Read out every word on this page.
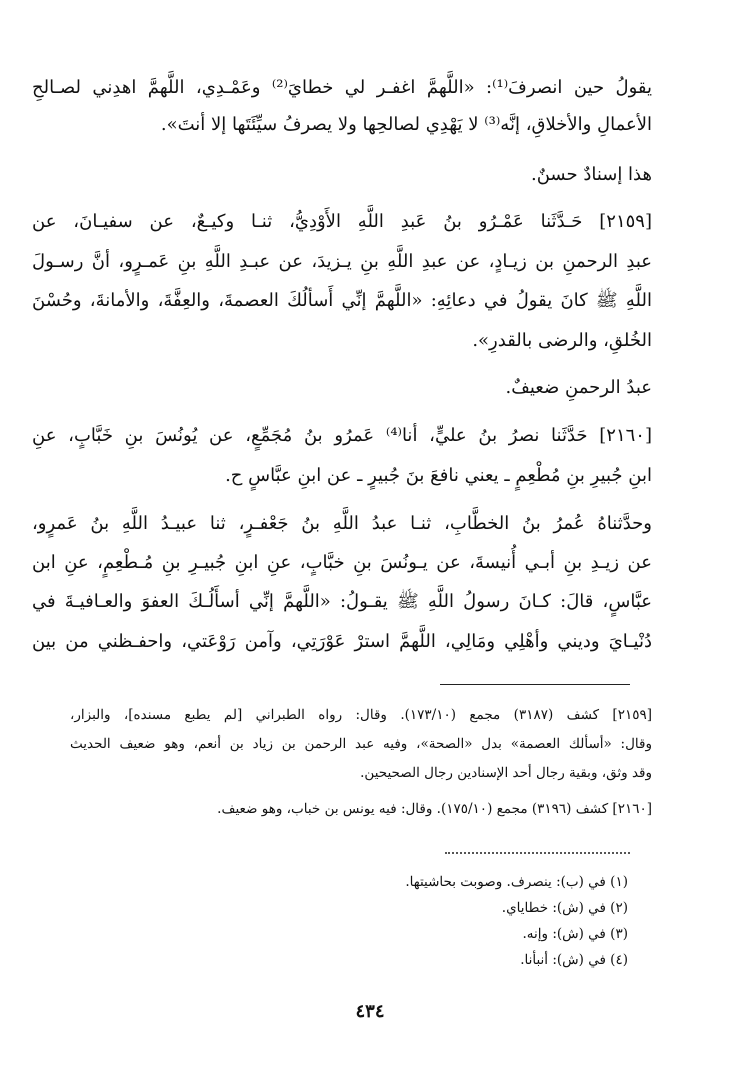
يقولُ حين انصرفَ⁽¹⁾: «اللَّهمَّ اغفـر لي خطايَ⁽²⁾ وعَمْـدِي، اللَّهمَّ اهدِني لصـالحِ
الأعمالِ والأخلاقِ، إنَّه⁽³⁾ لا يَهْدِي لصالحِها ولا يصرفُ سيِّئَتَها إلا أنتَ».
هذا إسنادٌ حسنٌ.
[٢١٥٩] حَـدَّثَنا عَمْـرُو بنُ عَبدِ اللَّهِ الأَوْدِيُّ، ثنـا وكيـعٌ، عن سفيـانَ، عن
عبدِ الرحمنِ بن زيـادٍ، عن عبدِ اللَّهِ بنِ يـزيدَ، عن عبـدِ اللَّهِ بنِ عَمـرٍو، أنَّ رسـولَ
اللَّهِ ﷺ كانَ يقولُ في دعائِهِ: «اللَّهمَّ إنِّي أَسألُكَ العصمةَ، والعِفَّةَ، والأمانةَ، وحُسْنَ
الخُلقِ، والرضى بالقدرِ».
عبدُ الرحمنِ ضعيفٌ.
[٢١٦٠] حَدَّثَنا نصرُ بنُ عليٍّ، أنا⁽⁴⁾ عَمرُو بنُ مُجَمِّعٍ، عن يُونُسَ بنِ خَبَّابٍ، عنِ
ابنِ جُبيرِ بنِ مُطْعِمٍ ـ يعني نافعَ بنَ جُبيرٍ ـ عن ابنِ عبَّاسٍ ح.
وحدَّثناهُ عُمرُ بنُ الخطَّابِ، ثنـا عبدُ اللَّهِ بنُ جَعْفـرٍ، ثنا عبيـدُ اللَّهِ بنُ عَمرٍو،
عن زيـدِ بنِ أبـي أُنيسةَ، عن يـونُسَ بنِ خبَّابٍ، عنِ ابنِ جُبيـرِ بنِ مُـطْعِمٍ، عنِ ابن
عبَّاسٍ، قالَ: كـانَ رسولُ اللَّهِ ﷺ يقـولُ: «اللَّهمَّ إنِّي أسأَلُـكَ العفوَ والعـافيـةَ في
دُنْيـايَ وديني وأهْلِي ومَالِي، اللَّهمَّ استرْ عَوْرَتِي، وآمن رَوْعَتي، واحفـظني من بين
[٢١٥٩] كشف (٣١٨٧) مجمع (١٧٣/١٠). وقال: رواه الطبراني [لم يطبع مسنده]، والبزار،
وقال: «أسألك العصمة» بدل «الصحة»، وفيه عبد الرحمن بن زياد بن أنعم، وهو ضعيف الحديث
وقد وثق، وبقية رجال أحد الإسنادين رجال الصحيحين.
[٢١٦٠] كشف (٣١٩٦) مجمع (١٧٥/١٠). وقال: فيه يونس بن خباب، وهو ضعيف.
(١) في (ب): ينصرف. وصوبت بحاشيتها.
(٢) في (ش): خطاياي.
(٣) في (ش): وإنه.
(٤) في (ش): أنبأنا.
٤٣٤
